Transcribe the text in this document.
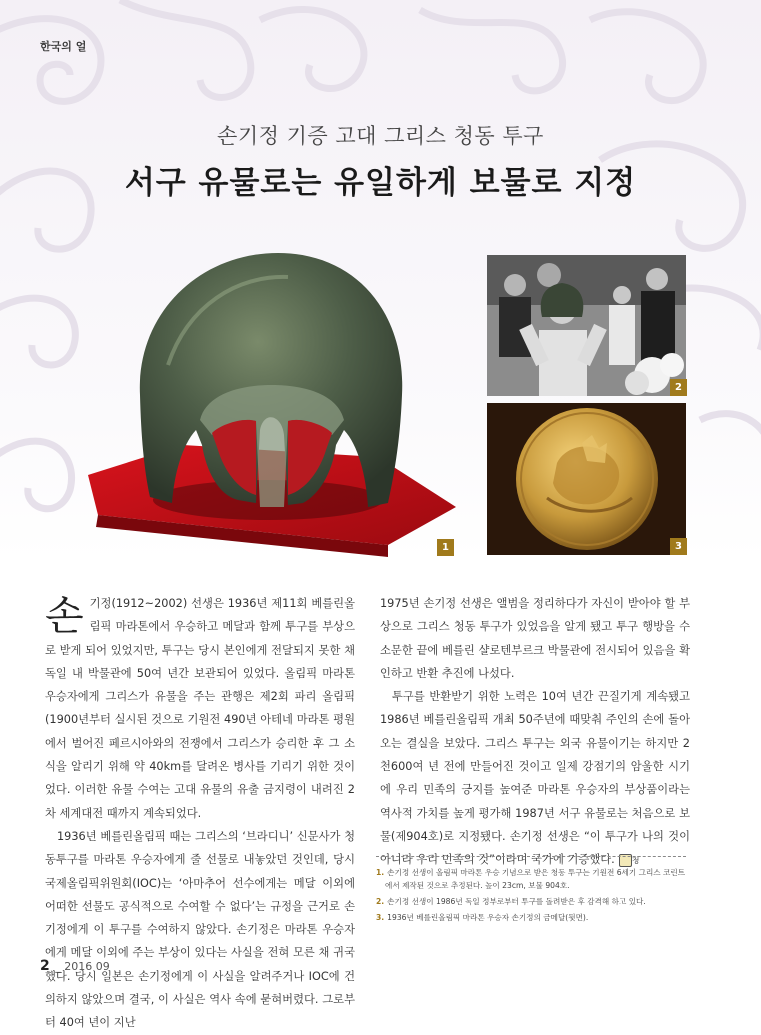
한국의 얼
손기정 기증 고대 그리스 청동 투구
서구 유물로는 유일하게 보물로 지정
1
2
3

손기정(1912~2002) 선생은 1936년 제11회 베를린올림픽 마라톤에서 우승하고 메달과 함께 투구를 부상으로 받게 되어 있었지만, 투구는 당시 본인에게 전달되지 못한 채 독일 내 박물관에 50여 년간 보관되어 있었다. 올림픽 마라톤 우승자에게 그리스가 유물을 주는 관행은 제2회 파리 올림픽(1900년부터 실시된 것으로 기원전 490년 아테네 마라톤 평원에서 벌어진 페르시아와의 전쟁에서 그리스가 승리한 후 그 소식을 알리기 위해 약 40km를 달려온 병사를 기리기 위한 것이었다. 이러한 유물 수여는 고대 유물의 유출 금지령이 내려진 2차 세계대전 때까지 계속되었다.

1936년 베를린올림픽 때는 그리스의 ‘브라디니’ 신문사가 청동투구를 마라톤 우승자에게 줄 선물로 내놓았던 것인데, 당시 국제올림픽위원회(IOC)는 ‘아마추어 선수에게는 메달 이외에 어떠한 선물도 공식적으로 수여할 수 없다’는 규정을 근거로 손기정에게 이 투구를 수여하지 않았다. 손기정은 마라톤 우승자에게 메달 이외에 주는 부상이 있다는 사실을 전혀 모른 채 귀국했다. 당시 일본은 손기정에게 이 사실을 알려주거나 IOC에 건의하지 않았으며 결국, 이 사실은 역사 속에 묻혀버렸다. 그로부터 40여 년이 지난

1975년 손기정 선생은 앨범을 정리하다가 자신이 받아야 할 부상으로 그리스 청동 투구가 있었음을 알게 됐고 투구 행방을 수소문한 끝에 베를린 샬로텐부르크 박물관에 전시되어 있음을 확인하고 반환 추진에 나섰다.

투구를 반환받기 위한 노력은 10여 년간 끈질기게 계속됐고 1986년 베를린올림픽 개최 50주년에 때맞춰 주인의 손에 돌아오는 결실을 보았다. 그리스 투구는 외국 유물이기는 하지만 2천600여 년 전에 만들어진 것이고 일제 강점기의 암울한 시기에 우리 민족의 긍지를 높여준 마라톤 우승자의 부상품이라는 역사적 가치를 높게 평가해 1987년 서구 유물로는 처음으로 보물(제904호)로 지정됐다. 손기정 선생은 “이 투구가 나의 것이 아니라 우리 민족의 것”이라며 국가에 기증했다. 청

1. 손기정 선생이 올림픽 마라톤 우승 기념으로 받은 청동 투구는 기원전 6세기 그리스 코린트에서 제작된 것으로 추정된다. 높이 23cm, 보물 904호.
2. 손기정 선생이 1986년 독일 정부로부터 투구를 돌려받은 후 감격해 하고 있다.
3. 1936년 베를린올림픽 마라톤 우승자 손기정의 금메달(뒷면).
2 _ 2016 09
